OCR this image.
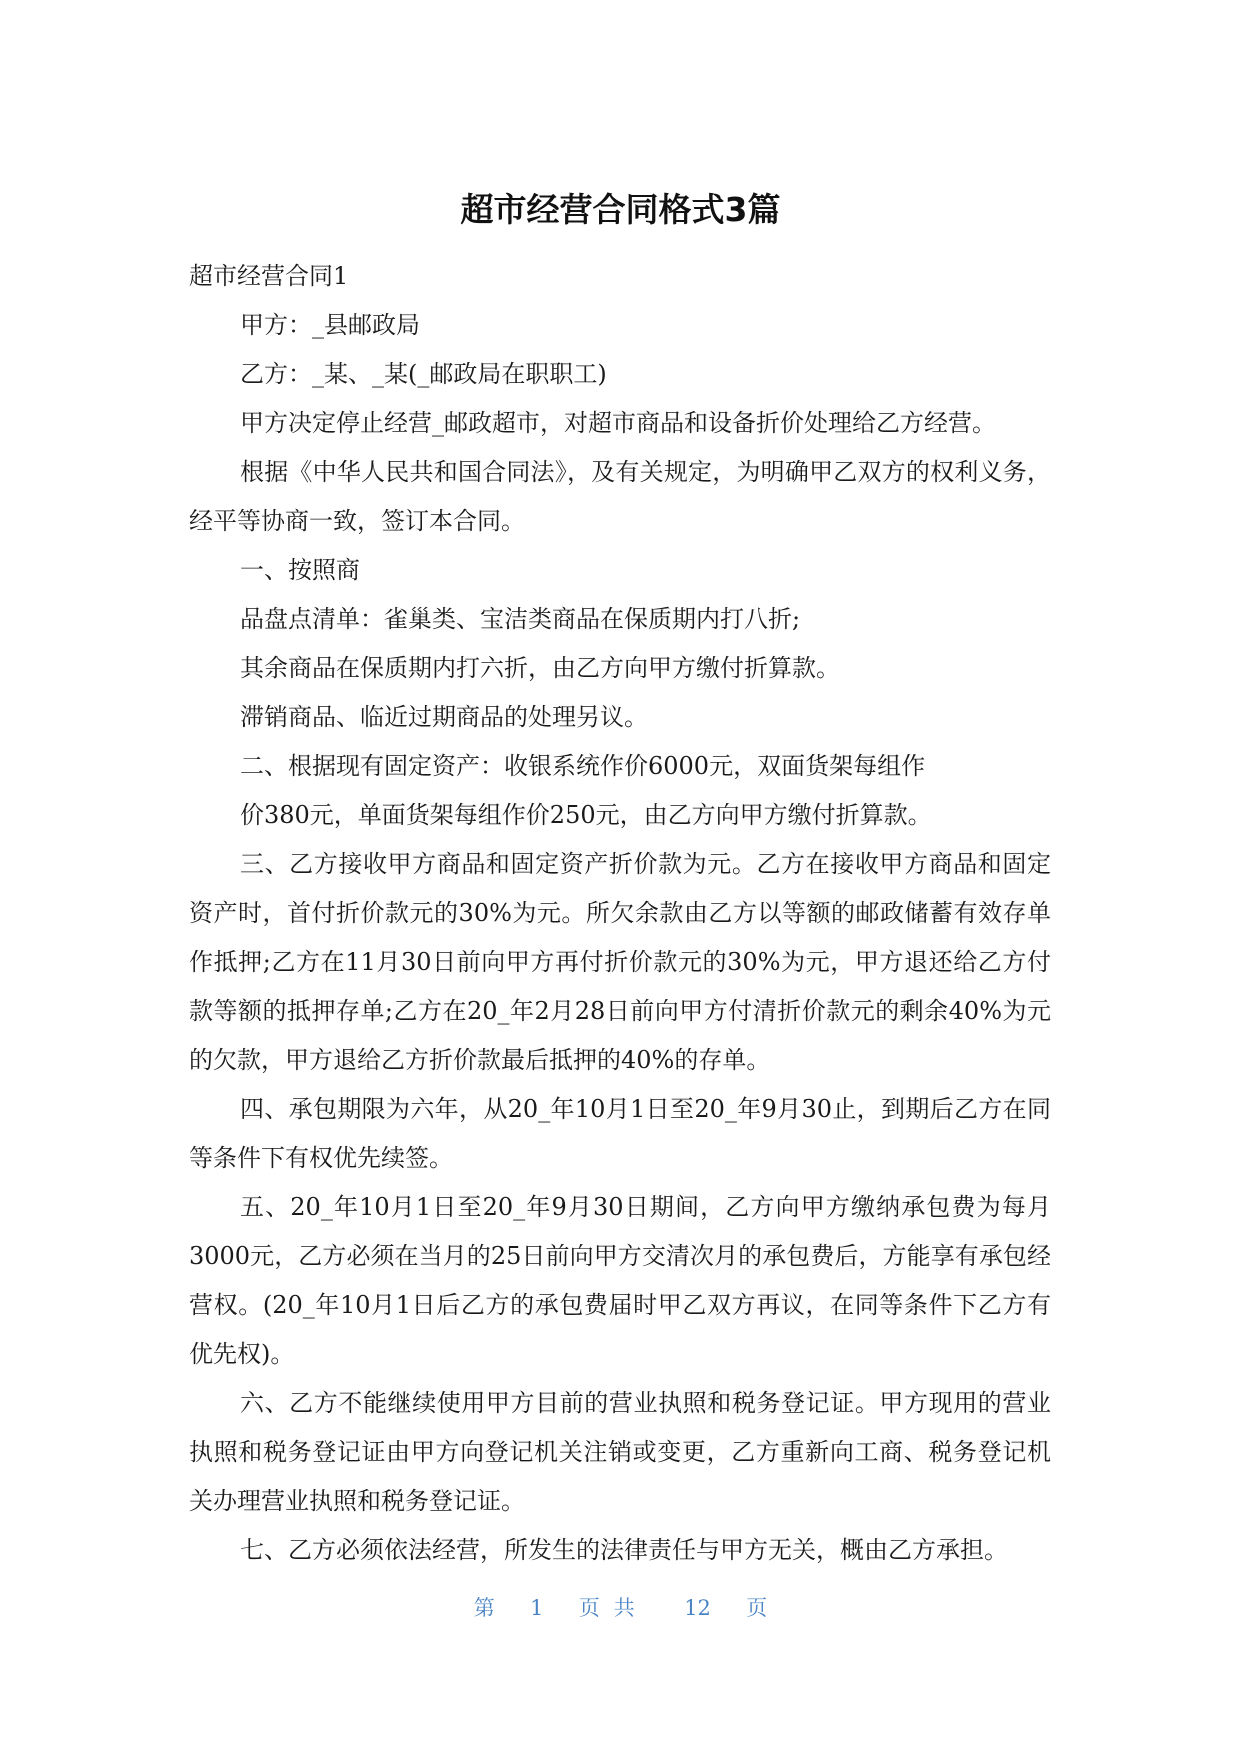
超市经营合同格式3篇

超市经营合同1

甲方：_县邮政局

乙方：_某、_某(_邮政局在职职工)

甲方决定停止经营_邮政超市，对超市商品和设备折价处理给乙方经营。

根据《中华人民共和国合同法》，及有关规定，为明确甲乙双方的权利义务，经平等协商一致，签订本合同。

一、按照商

品盘点清单：雀巢类、宝洁类商品在保质期内打八折;

其余商品在保质期内打六折，由乙方向甲方缴付折算款。

滞销商品、临近过期商品的处理另议。

二、根据现有固定资产：收银系统作价6000元，双面货架每组作

价380元，单面货架每组作价250元，由乙方向甲方缴付折算款。

三、乙方接收甲方商品和固定资产折价款为元。乙方在接收甲方商品和固定资产时，首付折价款元的30%为元。所欠余款由乙方以等额的邮政储蓄有效存单作抵押;乙方在11月30日前向甲方再付折价款元的30%为元，甲方退还给乙方付款等额的抵押存单;乙方在20_年2月28日前向甲方付清折价款元的剩余40%为元的欠款，甲方退给乙方折价款最后抵押的40%的存单。

四、承包期限为六年，从20_年10月1日至20_年9月30止，到期后乙方在同等条件下有权优先续签。

五、20_年10月1日至20_年9月30日期间，乙方向甲方缴纳承包费为每月3000元，乙方必须在当月的25日前向甲方交清次月的承包费后，方能享有承包经营权。(20_年10月1日后乙方的承包费届时甲乙双方再议，在同等条件下乙方有优先权)。

六、乙方不能继续使用甲方目前的营业执照和税务登记证。甲方现用的营业执照和税务登记证由甲方向登记机关注销或变更，乙方重新向工商、税务登记机关办理营业执照和税务登记证。

七、乙方必须依法经营，所发生的法律责任与甲方无关，概由乙方承担。

第 1 页共 12 页
